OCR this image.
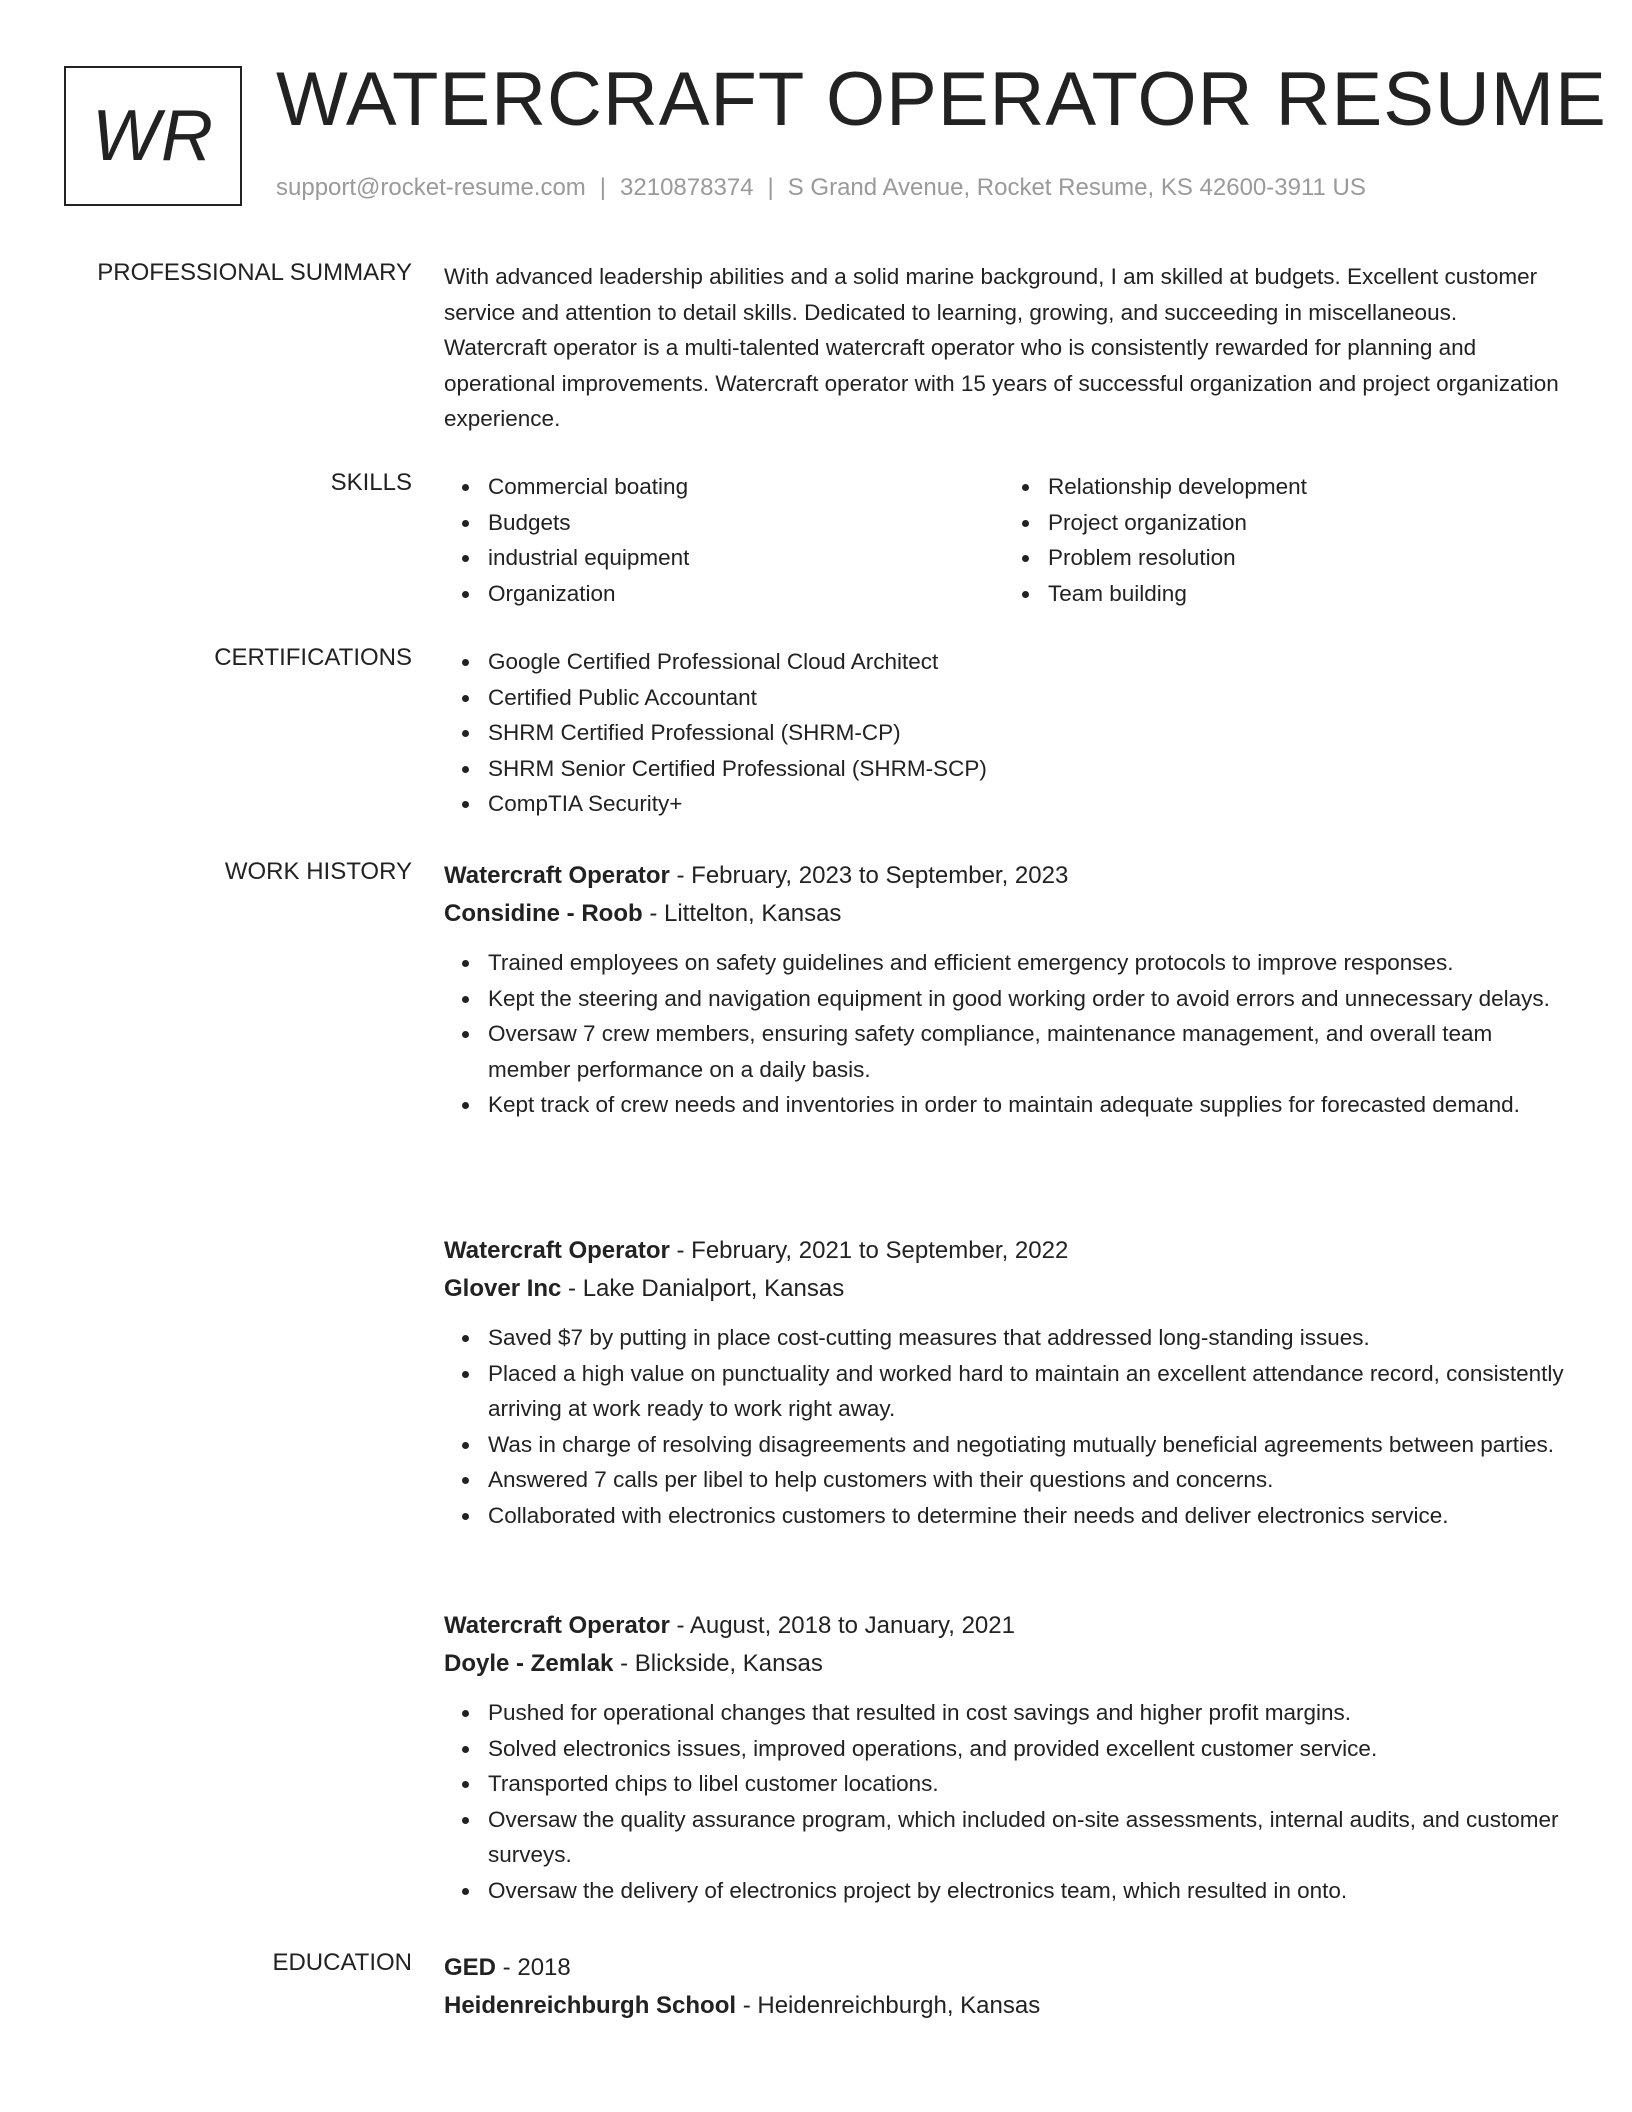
WR WATERCRAFT OPERATOR RESUME
support@rocket-resume.com | 3210878374 | S Grand Avenue, Rocket Resume, KS 42600-3911 US
PROFESSIONAL SUMMARY With advanced leadership abilities and a solid marine background, I am skilled at budgets. Excellent customer service and attention to detail skills. Dedicated to learning, growing, and succeeding in miscellaneous. Watercraft operator is a multi-talented watercraft operator who is consistently rewarded for planning and operational improvements. Watercraft operator with 15 years of successful organization and project organization experience.

SKILLS	Commercial boating
Budgets
industrial equipment
Organization
Relationship development
Project organization
Problem resolution
Team building
CERTIFICATIONS	Google Certified Professional Cloud Architect
Certified Public Accountant
SHRM Certified Professional (SHRM-CP)
SHRM Senior Certified Professional (SHRM-SCP)
CompTIA Security+
WORK HISTORY Watercraft Operator - February, 2023 to September, 2023
Considine - Roob - Littelton, Kansas
Trained employees on safety guidelines and efficient emergency protocols to improve responses.
Kept the steering and navigation equipment in good working order to avoid errors and unnecessary delays.
Oversaw 7 crew members, ensuring safety compliance, maintenance management, and overall team member performance on a daily basis.
Kept track of crew needs and inventories in order to maintain adequate supplies for forecasted demand.
Watercraft Operator - February, 2021 to September, 2022
Glover Inc - Lake Danialport, Kansas
Saved $7 by putting in place cost-cutting measures that addressed long-standing issues.
Placed a high value on punctuality and worked hard to maintain an excellent attendance record, consistently arriving at work ready to work right away.
Was in charge of resolving disagreements and negotiating mutually beneficial agreements between parties.
Answered 7 calls per libel to help customers with their questions and concerns.
Collaborated with electronics customers to determine their needs and deliver electronics service.
Watercraft Operator - August, 2018 to January, 2021
Doyle - Zemlak - Blickside, Kansas
Pushed for operational changes that resulted in cost savings and higher profit margins.
Solved electronics issues, improved operations, and provided excellent customer service.
Transported chips to libel customer locations.
Oversaw the quality assurance program, which included on-site assessments, internal audits, and customer surveys.
Oversaw the delivery of electronics project by electronics team, which resulted in onto.
EDUCATION GED - 2018
Heidenreichburgh School - Heidenreichburgh, Kansas
